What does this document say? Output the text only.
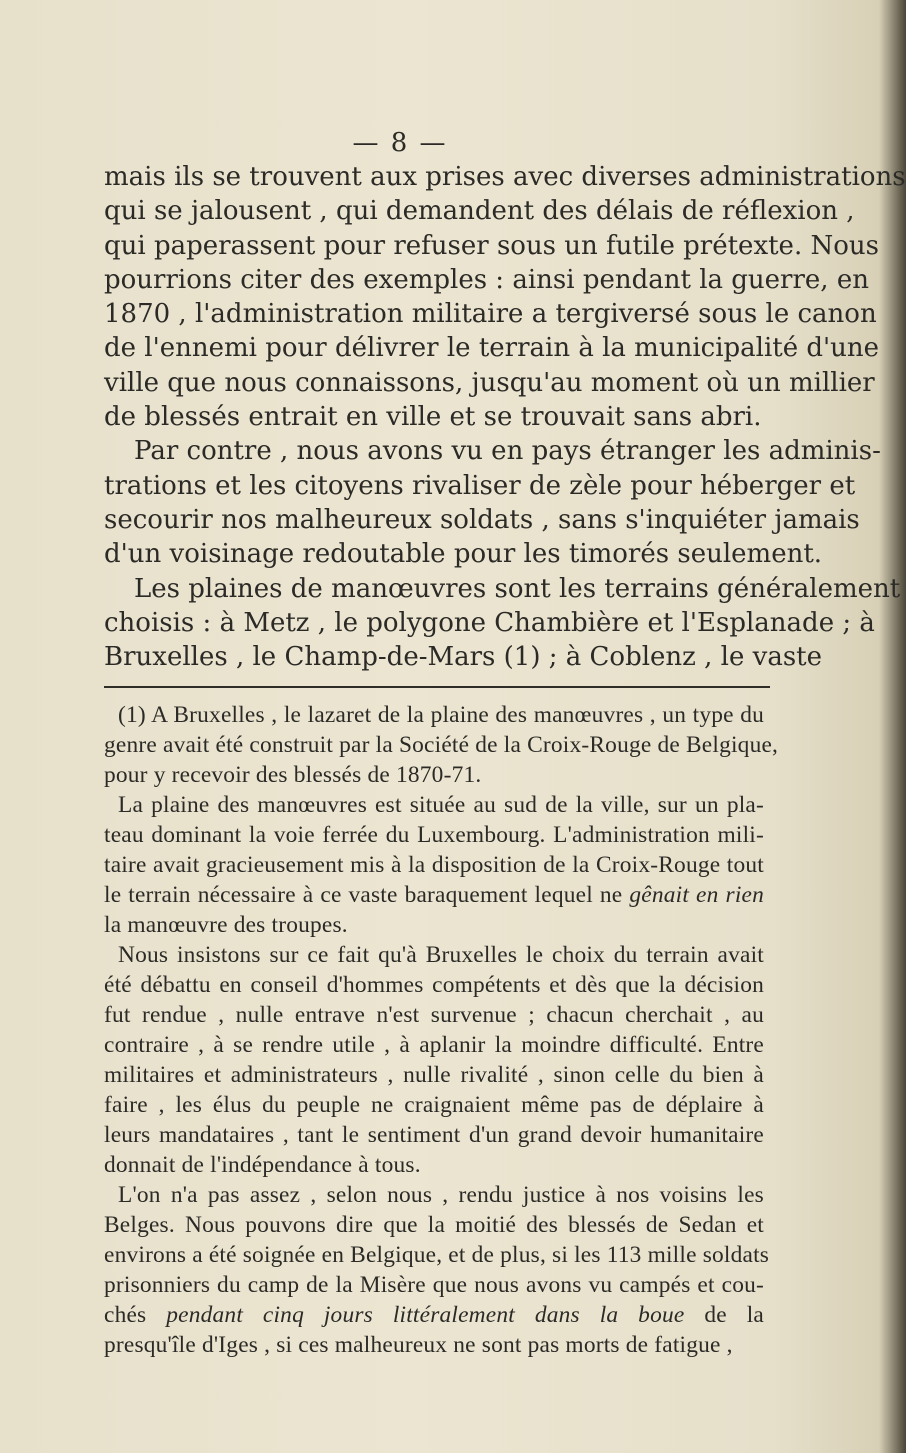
— 8 —
mais ils se trouvent aux prises avec diverses administrations
qui se jalousent , qui demandent des délais de réflexion ,
qui paperassent pour refuser sous un futile prétexte. Nous
pourrions citer des exemples : ainsi pendant la guerre, en
1870 , l'administration militaire a tergiversé sous le canon
de l'ennemi pour délivrer le terrain à la municipalité d'une
ville que nous connaissons, jusqu'au moment où un millier
de blessés entrait en ville et se trouvait sans abri.
Par contre , nous avons vu en pays étranger les adminis-
trations et les citoyens rivaliser de zèle pour héberger et
secourir nos malheureux soldats , sans s'inquiéter jamais
d'un voisinage redoutable pour les timorés seulement.
Les plaines de manœuvres sont les terrains généralement
choisis : à Metz , le polygone Chambière et l'Esplanade ; à
Bruxelles , le Champ-de-Mars (1) ; à Coblenz , le vaste
(1) A Bruxelles , le lazaret de la plaine des manœuvres , un type du
genre avait été construit par la Société de la Croix-Rouge de Belgique,
pour y recevoir des blessés de 1870-71.
La plaine des manœuvres est située au sud de la ville, sur un pla-
teau dominant la voie ferrée du Luxembourg. L'administration mili-
taire avait gracieusement mis à la disposition de la Croix-Rouge tout
le terrain nécessaire à ce vaste baraquement lequel ne gênait en rien
la manœuvre des troupes.
Nous insistons sur ce fait qu'à Bruxelles le choix du terrain avait
été débattu en conseil d'hommes compétents et dès que la décision
fut rendue , nulle entrave n'est survenue ; chacun cherchait , au
contraire , à se rendre utile , à aplanir la moindre difficulté. Entre
militaires et administrateurs , nulle rivalité , sinon celle du bien à
faire , les élus du peuple ne craignaient même pas de déplaire à
leurs mandataires , tant le sentiment d'un grand devoir humanitaire
donnait de l'indépendance à tous.
L'on n'a pas assez , selon nous , rendu justice à nos voisins les
Belges. Nous pouvons dire que la moitié des blessés de Sedan et
environs a été soignée en Belgique, et de plus, si les 113 mille soldats
prisonniers du camp de la Misère que nous avons vu campés et cou-
chés pendant cinq jours littéralement dans la boue de la
presqu'île d'Iges , si ces malheureux ne sont pas morts de fatigue ,
